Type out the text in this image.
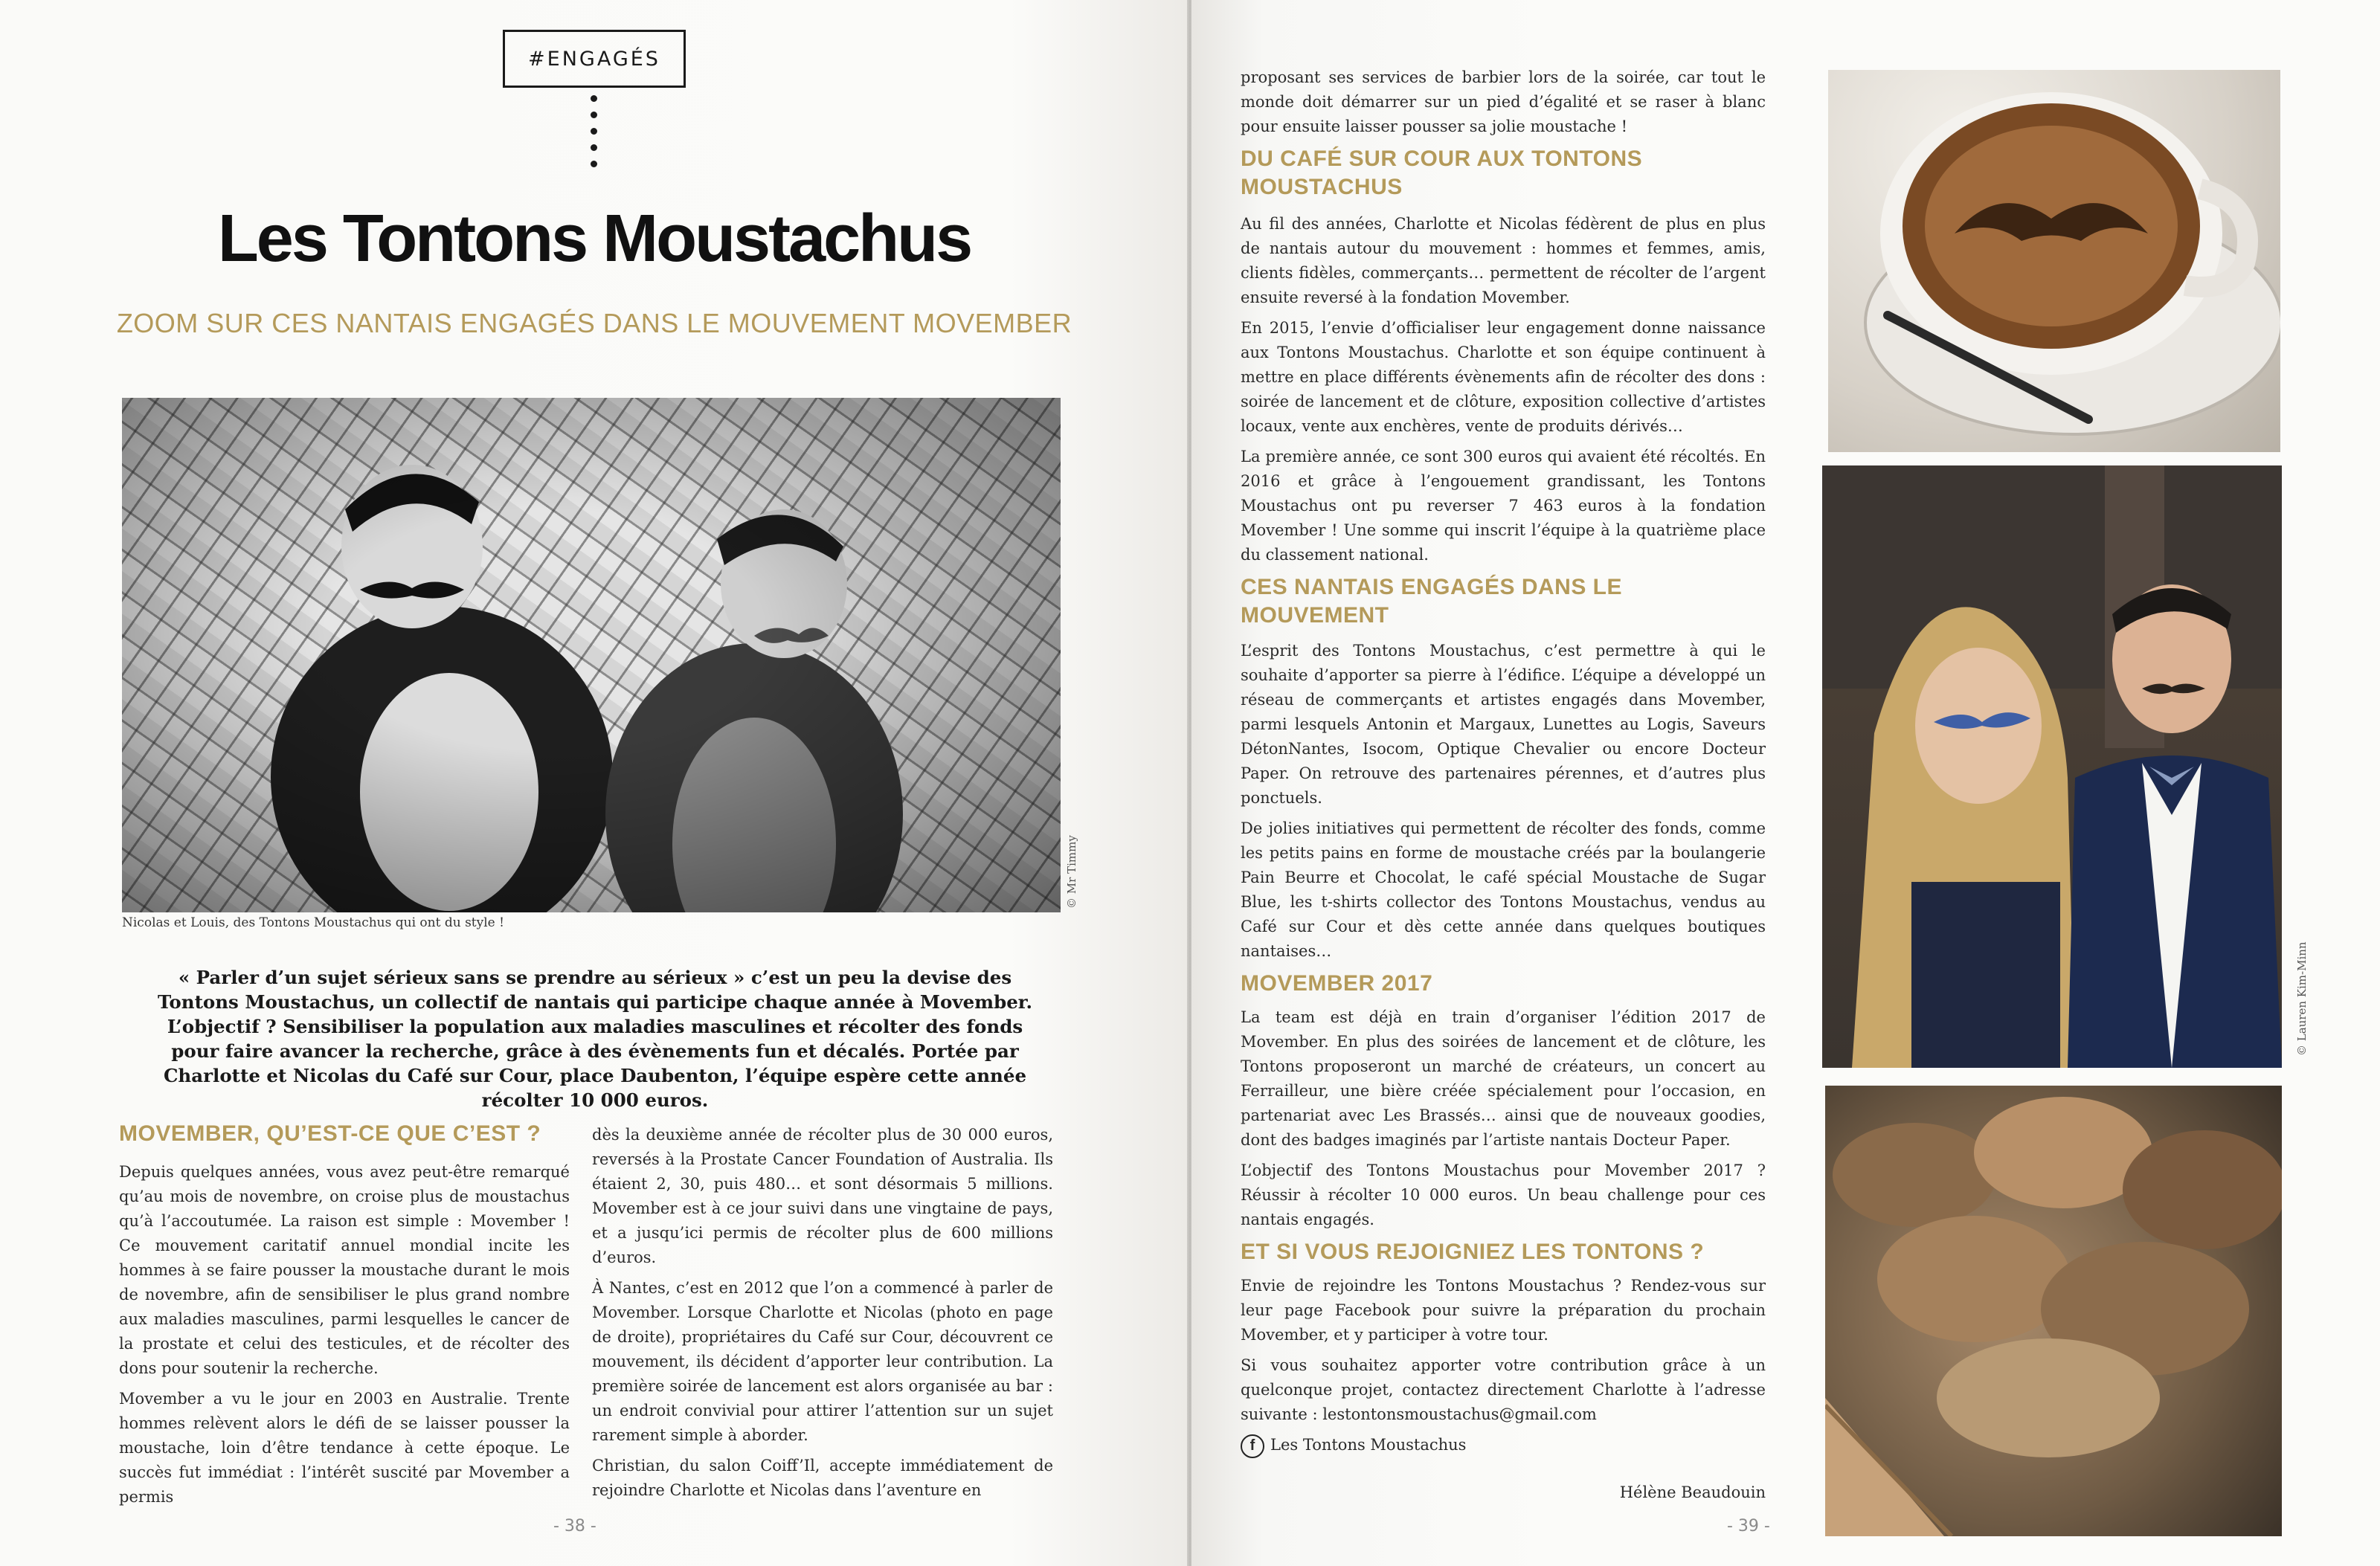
#ENGAGÉS
Les Tontons Moustachus
ZOOM SUR CES NANTAIS ENGAGÉS DANS LE MOUVEMENT MOVEMBER
© Mr Timmy
Nicolas et Louis, des Tontons Moustachus qui ont du style !
« Parler d’un sujet sérieux sans se prendre au sérieux » c’est un peu la devise des Tontons Moustachus, un collectif de nantais qui participe chaque année à Movember. L’objectif ? Sensibiliser la population aux maladies masculines et récolter des fonds pour faire avancer la recherche, grâce à des évènements fun et décalés. Portée par Charlotte et Nicolas du Café sur Cour, place Daubenton, l’équipe espère cette année récolter 10 000 euros.
MOVEMBER, QU’EST-CE QUE C’EST ?

Depuis quelques années, vous avez peut-être remarqué qu’au mois de novembre, on croise plus de moustachus qu’à l’accoutumée. La raison est simple : Movember ! Ce mouvement caritatif annuel mondial incite les hommes à se faire pousser la moustache durant le mois de novembre, afin de sensibiliser le plus grand nombre aux maladies masculines, parmi lesquelles le cancer de la prostate et celui des testicules, et de récolter des dons pour soutenir la recherche.

Movember a vu le jour en 2003 en Australie. Trente hommes relèvent alors le défi de se laisser pousser la moustache, loin d’être tendance à cette époque. Le succès fut immédiat : l’intérêt suscité par Movember a permis

dès la deuxième année de récolter plus de 30 000 euros, reversés à la Prostate Cancer Foundation of Australia. Ils étaient 2, 30, puis 480… et sont désormais 5 millions. Movember est à ce jour suivi dans une vingtaine de pays, et a jusqu’ici permis de récolter plus de 600 millions d’euros.

À Nantes, c’est en 2012 que l’on a commencé à parler de Movember. Lorsque Charlotte et Nicolas (photo en page de droite), propriétaires du Café sur Cour, découvrent ce mouvement, ils décident d’apporter leur contribution. La première soirée de lancement est alors organisée au bar : un endroit convivial pour attirer l’attention sur un sujet rarement simple à aborder.

Christian, du salon Coiff’Il, accepte immédiatement de rejoindre Charlotte et Nicolas dans l’aventure en

- 38 -

proposant ses services de barbier lors de la soirée, car tout le monde doit démarrer sur un pied d’égalité et se raser à blanc pour ensuite laisser pousser sa jolie moustache !

DU CAFÉ SUR COUR AUX TONTONS MOUSTACHUS

Au fil des années, Charlotte et Nicolas fédèrent de plus en plus de nantais autour du mouvement : hommes et femmes, amis, clients fidèles, commerçants… permettent de récolter de l’argent ensuite reversé à la fondation Movember.

En 2015, l’envie d’officialiser leur engagement donne naissance aux Tontons Moustachus. Charlotte et son équipe continuent à mettre en place différents évènements afin de récolter des dons : soirée de lancement et de clôture, exposition collective d’artistes locaux, vente aux enchères, vente de produits dérivés…

La première année, ce sont 300 euros qui avaient été récoltés. En 2016 et grâce à l’engouement grandissant, les Tontons Moustachus ont pu reverser 7 463 euros à la fondation Movember ! Une somme qui inscrit l’équipe à la quatrième place du classement national.

CES NANTAIS ENGAGÉS DANS LE MOUVEMENT

L’esprit des Tontons Moustachus, c’est permettre à qui le souhaite d’apporter sa pierre à l’édifice. L’équipe a développé un réseau de commerçants et artistes engagés dans Movember, parmi lesquels Antonin et Margaux, Lunettes au Logis, Saveurs DétonNantes, Isocom, Optique Chevalier ou encore Docteur Paper. On retrouve des partenaires pérennes, et d’autres plus ponctuels.

De jolies initiatives qui permettent de récolter des fonds, comme les petits pains en forme de moustache créés par la boulangerie Pain Beurre et Chocolat, le café spécial Moustache de Sugar Blue, les t-shirts collector des Tontons Moustachus, vendus au Café sur Cour et dès cette année dans quelques boutiques nantaises…

MOVEMBER 2017

La team est déjà en train d’organiser l’édition 2017 de Movember. En plus des soirées de lancement et de clôture, les Tontons proposeront un marché de créateurs, un concert au Ferrailleur, une bière créée spécialement pour l’occasion, en partenariat avec Les Brassés… ainsi que de nouveaux goodies, dont des badges imaginés par l’artiste nantais Docteur Paper.

L’objectif des Tontons Moustachus pour Movember 2017 ? Réussir à récolter 10 000 euros. Un beau challenge pour ces nantais engagés.

ET SI VOUS REJOIGNIEZ LES TONTONS ?

Envie de rejoindre les Tontons Moustachus ? Rendez-vous sur leur page Facebook pour suivre la préparation du prochain Movember, et y participer à votre tour.

Si vous souhaitez apporter votre contribution grâce à un quelconque projet, contactez directement Charlotte à l’adresse suivante : lestontonsmoustachus@gmail.com

f Les Tontons Moustachus
Hélène Beaudouin
© Lauren Kim-Minn
- 39 -
